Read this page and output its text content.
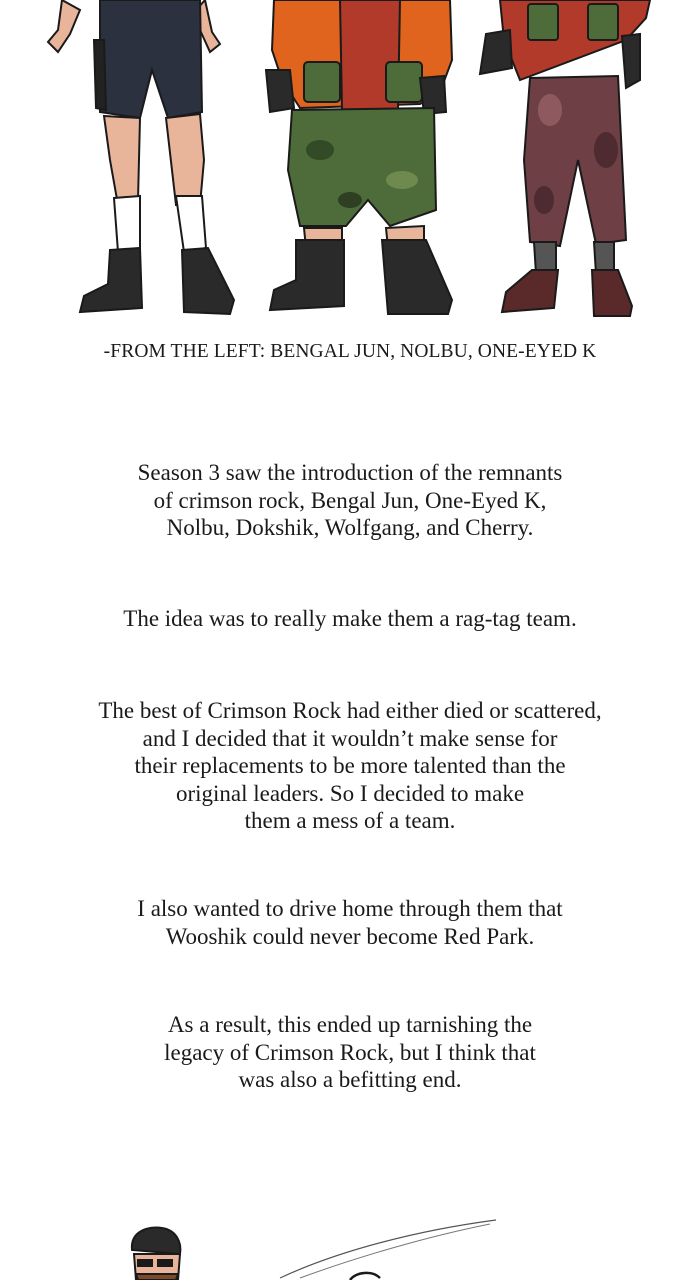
-FROM THE LEFT: BENGAL JUN, NOLBU, ONE-EYED K
Season 3 saw the introduction of the remnants
of crimson rock, Bengal Jun, One-Eyed K,
Nolbu, Dokshik, Wolfgang, and Cherry.
The idea was to really make them a rag-tag team.
The best of Crimson Rock had either died or scattered,
and I decided that it wouldn’t make sense for
their replacements to be more talented than the
original leaders. So I decided to make
them a mess of a team.
I also wanted to drive home through them that
Wooshik could never become Red Park.
As a result, this ended up tarnishing the
legacy of Crimson Rock, but I think that
was also a befitting end.
